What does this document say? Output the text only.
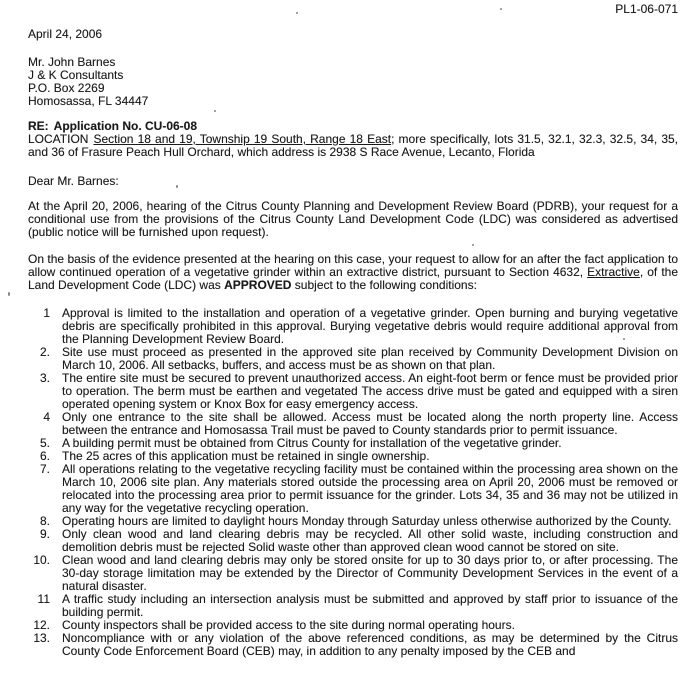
PL1-06-071
April 24, 2006
Mr. John Barnes
J & K Consultants
P.O. Box 2269
Homosassa, FL 34447
RE: Application No. CU-06-08
LOCATION Section 18 and 19, Township 19 South, Range 18 East; more specifically, lots 31.5, 32.1, 32.3, 32.5, 34, 35, and 36 of Frasure Peach Hull Orchard, which address is 2938 S Race Avenue, Lecanto, Florida
Dear Mr. Barnes:

At the April 20, 2006, hearing of the Citrus County Planning and Development Review Board (PDRB), your request for a conditional use from the provisions of the Citrus County Land Development Code (LDC) was considered as advertised (public notice will be furnished upon request).

On the basis of the evidence presented at the hearing on this case, your request to allow for an after the fact application to allow continued operation of a vegetative grinder within an extractive district, pursuant to Section 4632, Extractive, of the Land Development Code (LDC) was APPROVED subject to the following conditions:

1	Approval is limited to the installation and operation of a vegetative grinder. Open burning and burying vegetative debris are specifically prohibited in this approval. Burying vegetative debris would require additional approval from the Planning Development Review Board.
2.	Site use must proceed as presented in the approved site plan received by Community Development Division on March 10, 2006. All setbacks, buffers, and access must be as shown on that plan.
3.	The entire site must be secured to prevent unauthorized access. An eight-foot berm or fence must be provided prior to operation. The berm must be earthen and vegetated The access drive must be gated and equipped with a siren operated opening system or Knox Box for easy emergency access.
4	Only one entrance to the site shall be allowed. Access must be located along the north property line. Access between the entrance and Homosassa Trail must be paved to County standards prior to permit issuance.
5.	A building permit must be obtained from Citrus County for installation of the vegetative grinder.
6.	The 25 acres of this application must be retained in single ownership.
7.	All operations relating to the vegetative recycling facility must be contained within the processing area shown on the March 10, 2006 site plan. Any materials stored outside the processing area on April 20, 2006 must be removed or relocated into the processing area prior to permit issuance for the grinder. Lots 34, 35 and 36 may not be utilized in any way for the vegetative recycling operation.
8.	Operating hours are limited to daylight hours Monday through Saturday unless otherwise authorized by the County.
9.	Only clean wood and land clearing debris may be recycled. All other solid waste, including construction and demolition debris must be rejected Solid waste other than approved clean wood cannot be stored on site.
10.	Clean wood and land clearing debris may only be stored onsite for up to 30 days prior to, or after processing. The 30-day storage limitation may be extended by the Director of Community Development Services in the event of a natural disaster.
11	A traffic study including an intersection analysis must be submitted and approved by staff prior to issuance of the building permit.
12.	County inspectors shall be provided access to the site during normal operating hours.
13.	Noncompliance with or any violation of the above referenced conditions, as may be determined by the Citrus County Code Enforcement Board (CEB) may, in addition to any penalty imposed by the CEB and
